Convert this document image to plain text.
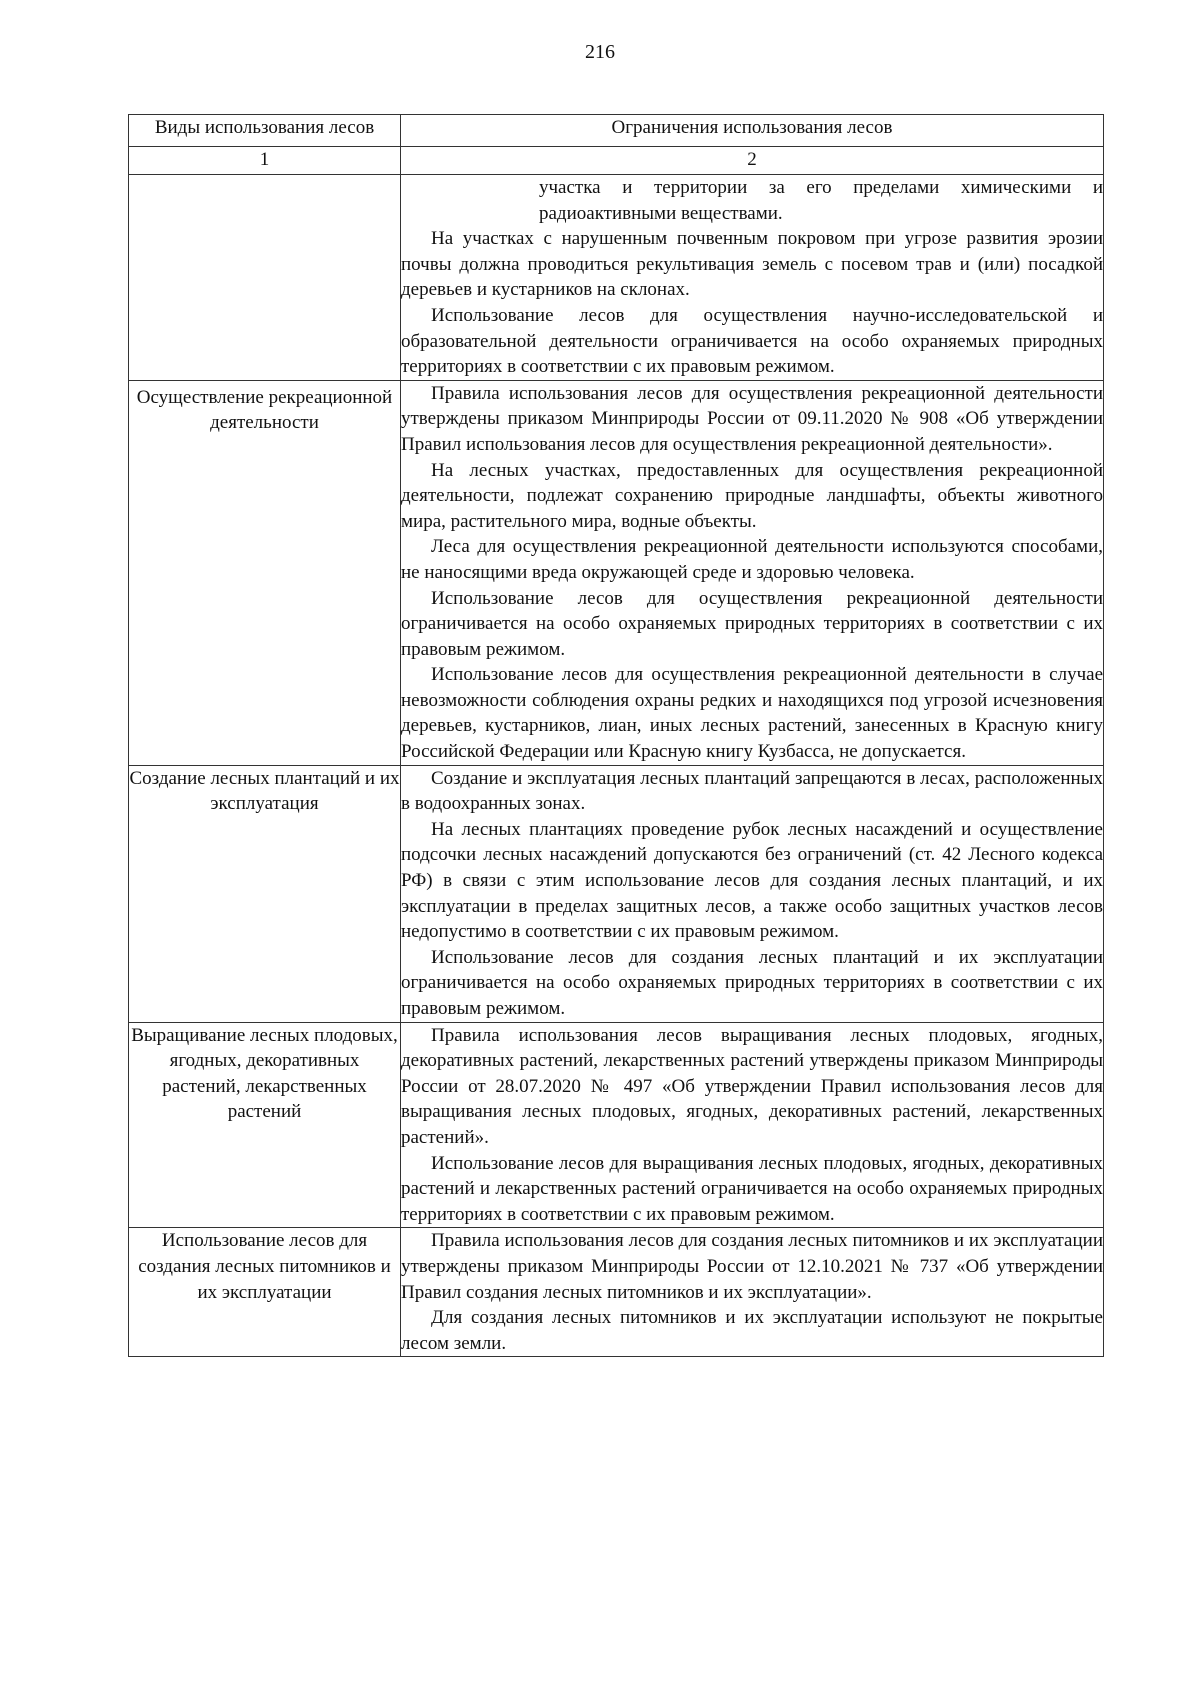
216
Виды использования лесов	Ограничения использования лесов
1	2

	участка и территории за его пределами химическими и радиоактивными веществами.

На участках с нарушенным почвенным покровом при угрозе развития эрозии почвы должна проводиться рекультивация земель с посевом трав и (или) посадкой деревьев и кустарников на склонах.

Использование лесов для осуществления научно-исследовательской и образовательной деятельности ограничивается на особо охраняемых природных территориях в соответствии с их правовым режимом.

Осуществление рекреационной деятельности	Правила использования лесов для осуществления рекреационной деятельности утверждены приказом Минприроды России от 09.11.2020 № 908 «Об утверждении Правил использования лесов для осуществления рекреационной деятельности».

На лесных участках, предоставленных для осуществления рекреационной деятельности, подлежат сохранению природные ландшафты, объекты животного мира, растительного мира, водные объекты.

Леса для осуществления рекреационной деятельности используются способами, не наносящими вреда окружающей среде и здоровью человека.

Использование лесов для осуществления рекреационной деятельности ограничивается на особо охраняемых природных территориях в соответствии с их правовым режимом.

Использование лесов для осуществления рекреационной деятельности в случае невозможности соблюдения охраны редких и находящихся под угрозой исчезновения деревьев, кустарников, лиан, иных лесных растений, занесенных в Красную книгу Российской Федерации или Красную книгу Кузбасса, не допускается.

Создание лесных плантаций и их эксплуатация	Создание и эксплуатация лесных плантаций запрещаются в лесах, расположенных в водоохранных зонах.

На лесных плантациях проведение рубок лесных насаждений и осуществление подсочки лесных насаждений допускаются без ограничений (ст. 42 Лесного кодекса РФ) в связи с этим использование лесов для создания лесных плантаций, и их эксплуатации в пределах защитных лесов, а также особо защитных участков лесов недопустимо в соответствии с их правовым режимом.

Использование лесов для создания лесных плантаций и их эксплуатации ограничивается на особо охраняемых природных территориях в соответствии с их правовым режимом.

Выращивание лесных плодовых, ягодных, декоративных растений, лекарственных растений	Правила использования лесов выращивания лесных плодовых, ягодных, декоративных растений, лекарственных растений утверждены приказом Минприроды России от 28.07.2020 № 497 «Об утверждении Правил использования лесов для выращивания лесных плодовых, ягодных, декоративных растений, лекарственных растений».

Использование лесов для выращивания лесных плодовых, ягодных, декоративных растений и лекарственных растений ограничивается на особо охраняемых природных территориях в соответствии с их правовым режимом.

Использование лесов для создания лесных питомников и их эксплуатации	Правила использования лесов для создания лесных питомников и их эксплуатации утверждены приказом Минприроды России от 12.10.2021 № 737 «Об утверждении Правил создания лесных питомников и их эксплуатации».

Для создания лесных питомников и их эксплуатации используют не покрытые лесом земли.
